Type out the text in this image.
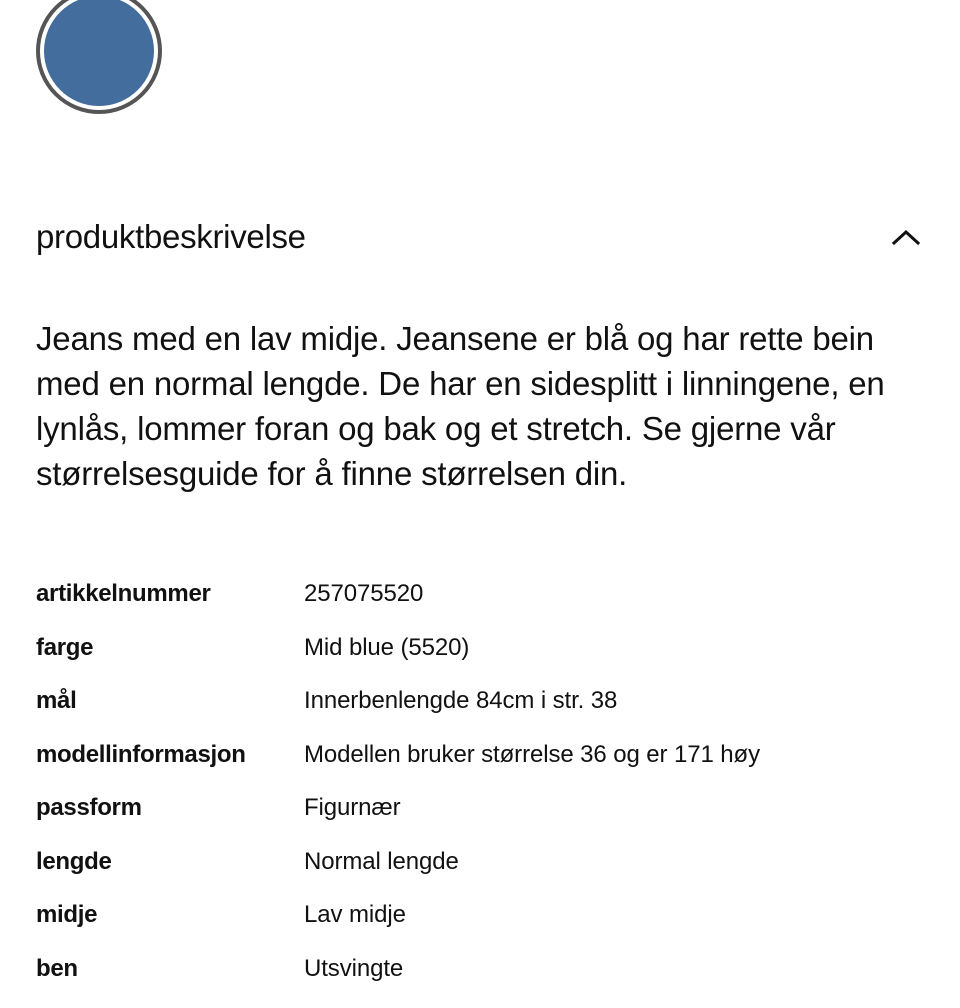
produktbeskrivelse

Jeans med en lav midje. Jeansene er blå og har rette bein med en normal lengde. De har en sidesplitt i linningene, en lynlås, lommer foran og bak og et stretch. Se gjerne vår størrelsesguide for å finne størrelsen din.

artikkelnummer	257075520
farge	Mid blue (5520)
mål	Innerbenlengde 84cm i str. 38
modellinformasjon	Modellen bruker størrelse 36 og er 171 høy
passform	Figurnær
lengde	Normal lengde
midje	Lav midje
ben	Utsvingte
